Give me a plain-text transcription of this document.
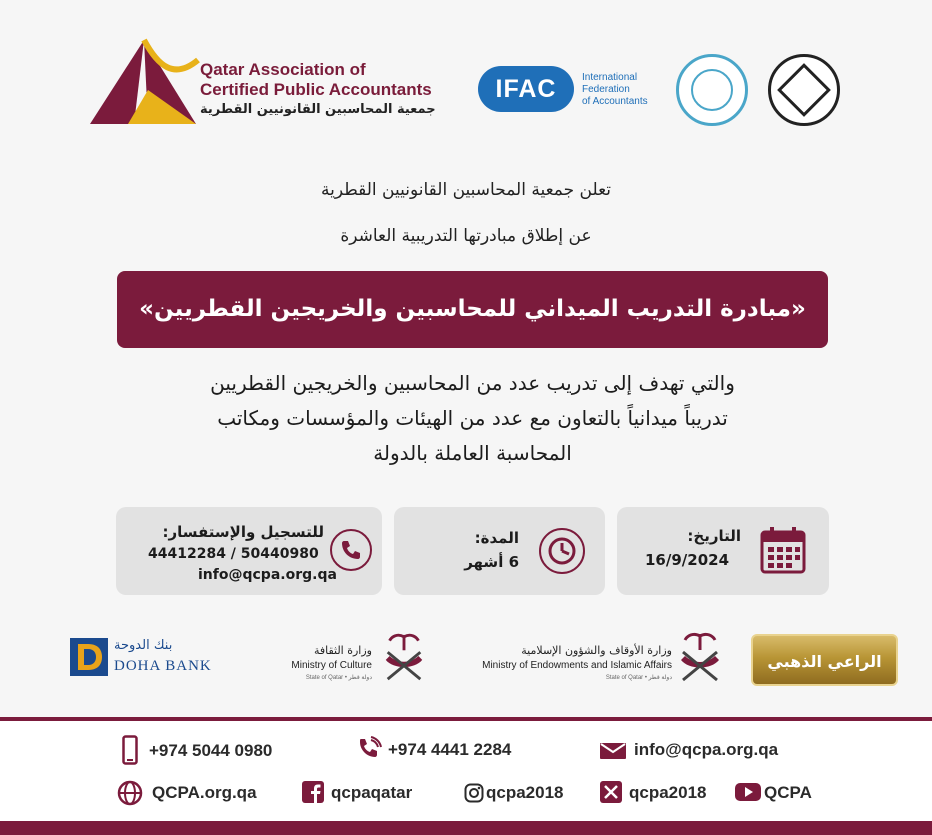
Qatar Association of
Certified Public Accountants
جمعية المحاسبين القانونيين القطرية
IFAC	International
Federation
of Accountants
تعلن جمعية المحاسبين القانونيين القطرية
عن إطلاق مبادرتها التدريبية العاشرة
«مبادرة التدريب الميداني للمحاسبين والخريجين القطريين»
والتي تهدف إلى تدريب عدد من المحاسبين والخريجين القطريين
تدريباً ميدانياً بالتعاون مع عدد من الهيئات والمؤسسات ومكاتب
المحاسبة العاملة بالدولة
التاريخ:
16/9/2024
المدة:
6 أشهر
للتسجيل والإستفسار:
44412284 / 50440980
info@qcpa.org.qa
الراعي الذهبي
وزارة الأوقاف والشؤون الإسلامية
Ministry of Endowments and Islamic Affairs
State of Qatar • دولة قطر
وزارة الثقافة
Ministry of Culture
State of Qatar • دولة قطر
بنك الدوحة
DOHA BANK
+974 5044 0980	+974 4441 2284	info@qcpa.org.qa
QCPA.org.qa	qcpaqatar	qcpa2018	qcpa2018	QCPA
